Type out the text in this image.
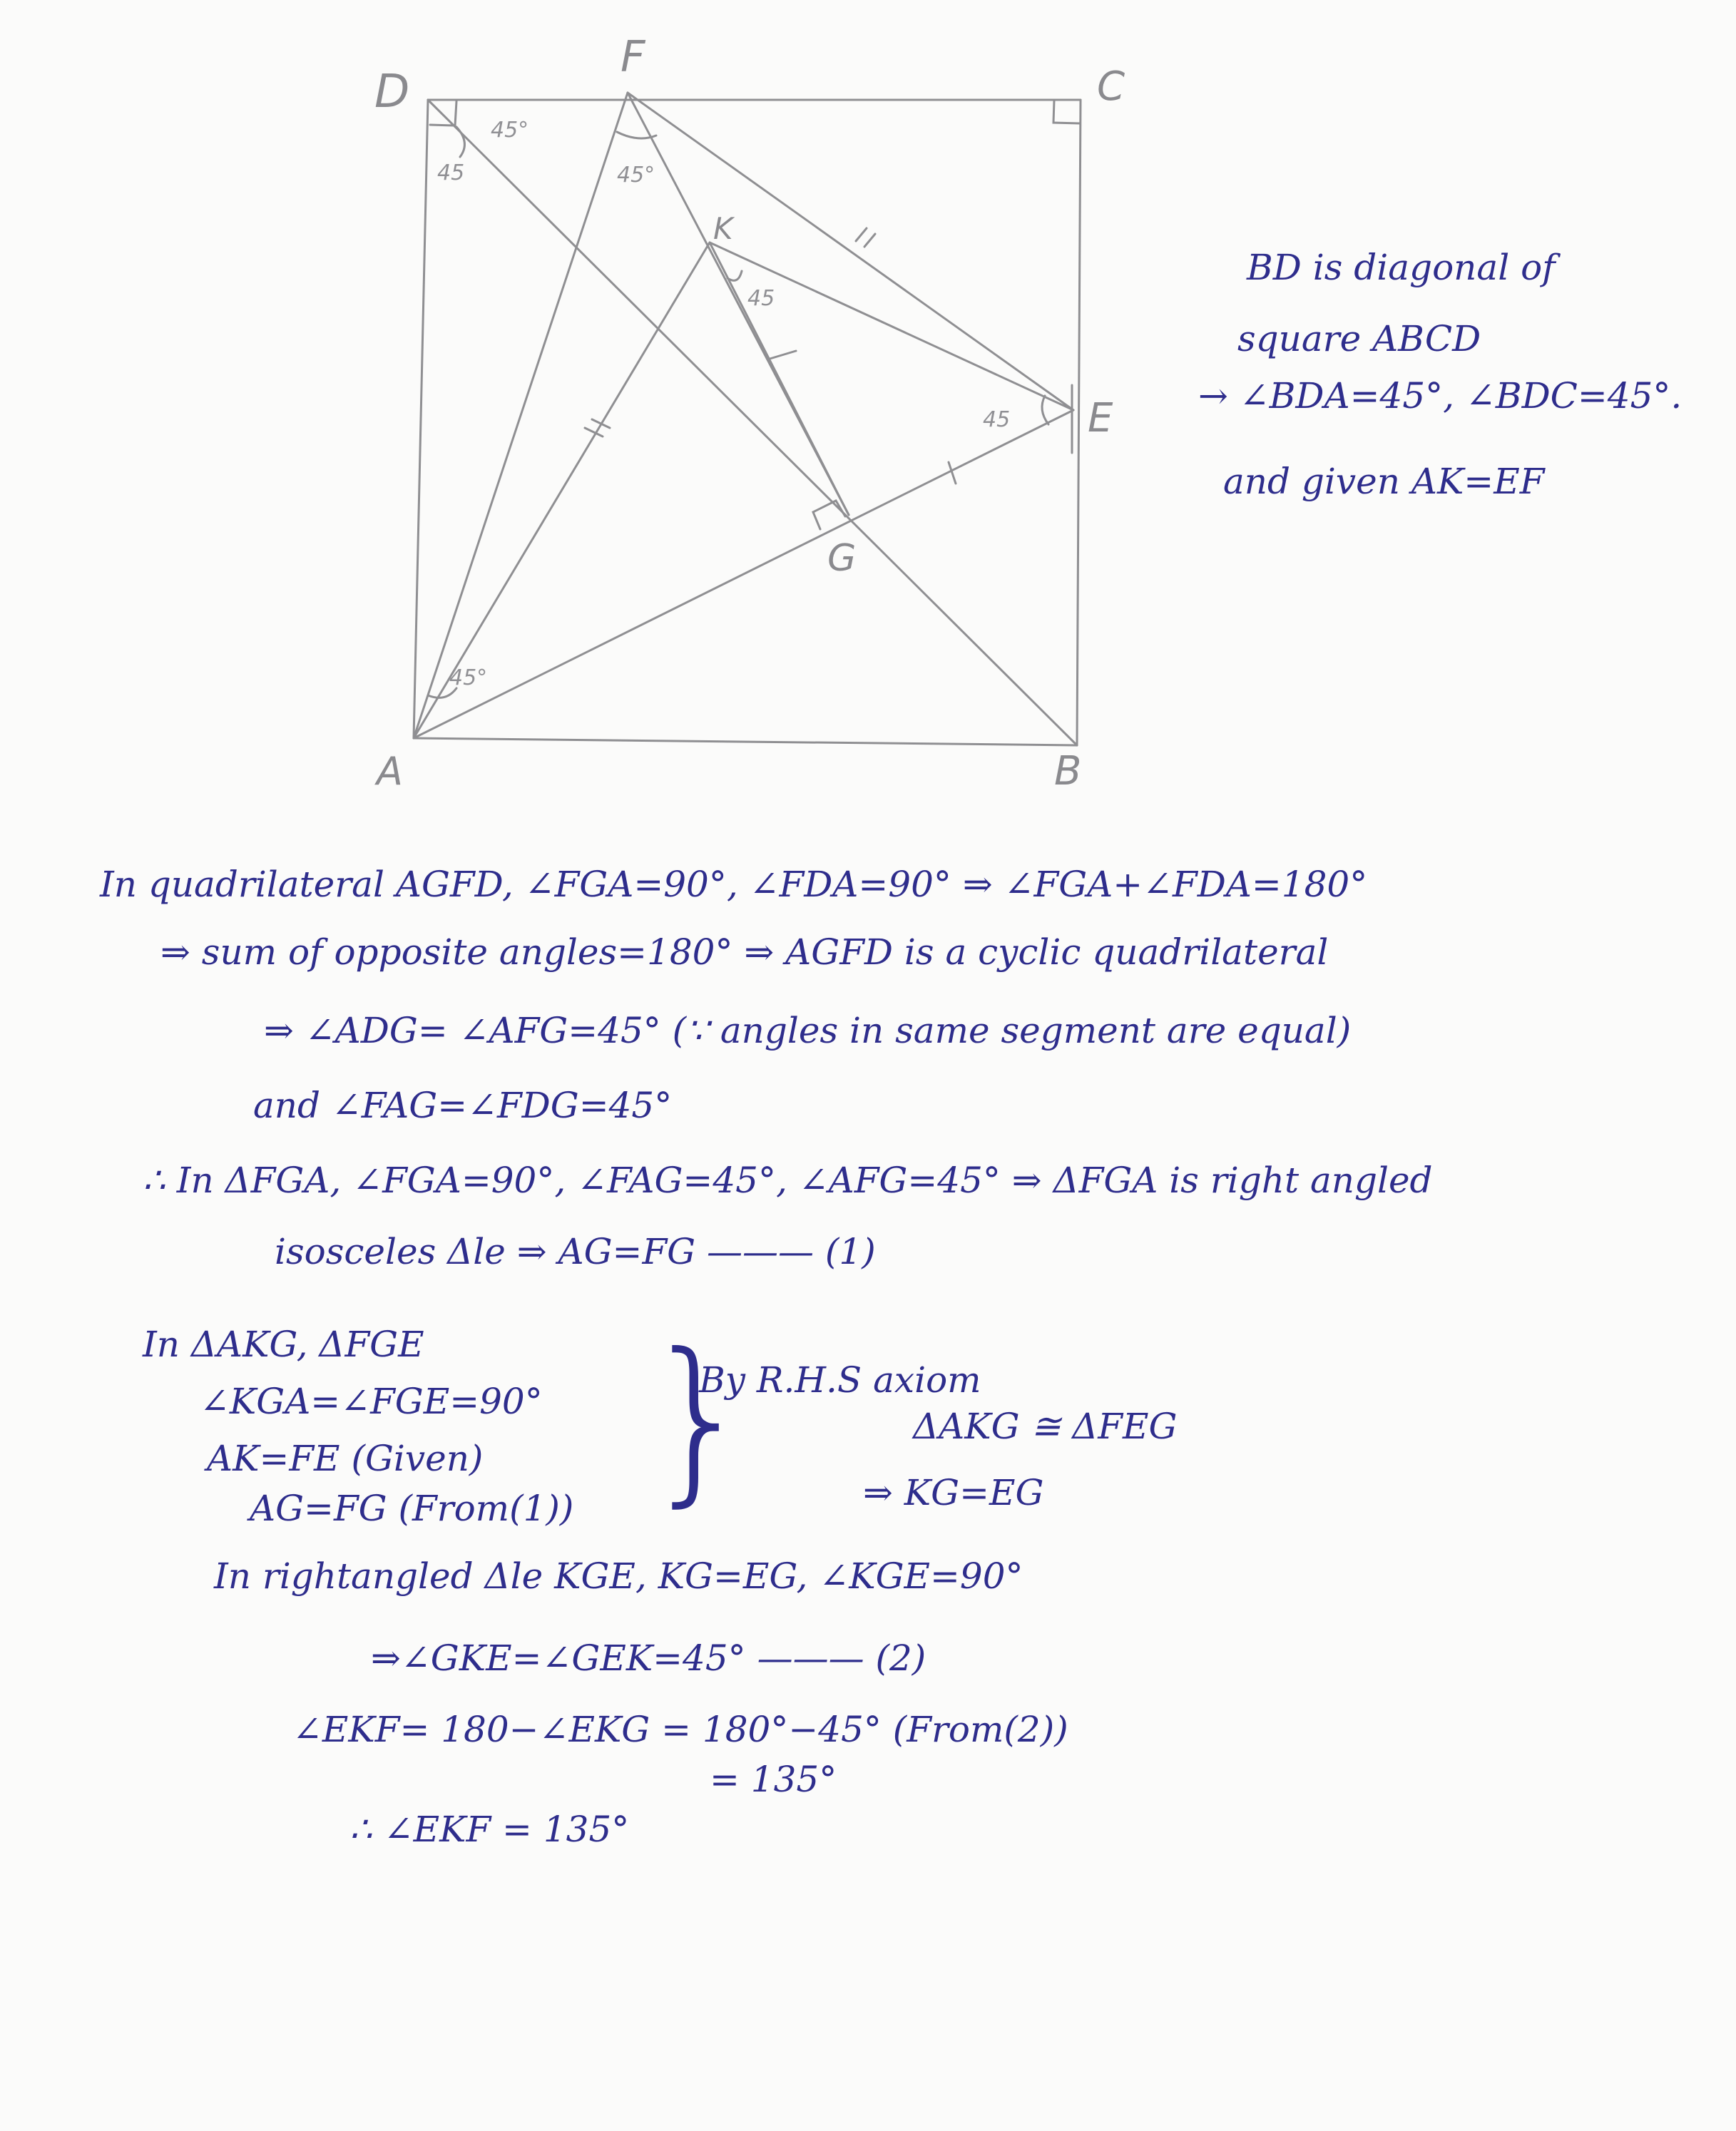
D
F
C
K
E
G
A	B
45°
45	45°
45
45
45°
BD is diagonal of
square ABCD
→ ∠BDA=45°, ∠BDC=45°.
and given AK=EF
In quadrilateral AGFD, ∠FGA=90°, ∠FDA=90° ⇒ ∠FGA+∠FDA=180°
⇒ sum of opposite angles=180° ⇒ AGFD is a cyclic quadrilateral
⇒ ∠ADG= ∠AFG=45° (∵ angles in same segment are equal)
and ∠FAG=∠FDG=45°
∴ In ΔFGA, ∠FGA=90°, ∠FAG=45°, ∠AFG=45° ⇒ ΔFGA is right angled
isosceles Δle ⇒ AG=FG ——— (1)
In ΔAKG, ΔFGE
∠KGA=∠FGE=90°
AK=FE (Given)
AG=FG (From(1)) }
By R.H.S axiom
ΔAKG ≅ ΔFEG
⇒ KG=EG
In rightangled Δle KGE, KG=EG, ∠KGE=90°
⇒∠GKE=∠GEK=45° ——— (2)
∠EKF= 180−∠EKG = 180°−45° (From(2))
= 135°
∴ ∠EKF = 135°
